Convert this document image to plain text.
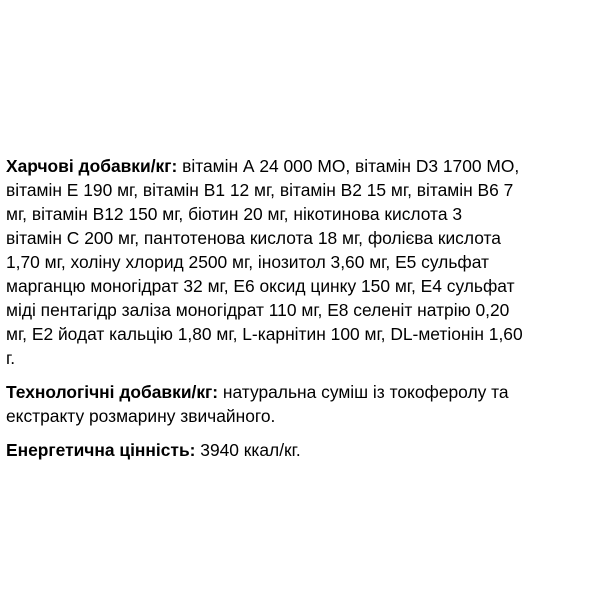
Харчові добавки/кг: вітамін А 24 000 МО, вітамін D3 1700 МО,
вітамін Е 190 мг, вітамін В1 12 мг, вітамін В2 15 мг, вітамін В6 7
мг, вітамін В12 150 мг, біотин 20 мг, нікотинова кислота 3
вітамін С 200 мг, пантотенова кислота 18 мг, фолієва кислота
1,70 мг, холіну хлорид 2500 мг, інозитол 3,60 мг, E5 сульфат
марганцю моногідрат 32 мг, E6 оксид цинку 150 мг, Е4 сульфат
міді пентагідр заліза моногідрат 110 мг, E8 селеніт натрію 0,20
мг, E2 йодат кальцію 1,80 мг, L-карнітин 100 мг, DL-метіонін 1,60
г.

Технологічні добавки/кг: натуральна суміш із токоферолу та
екстракту розмарину звичайного.

Енергетична цінність: 3940 ккал/кг.
